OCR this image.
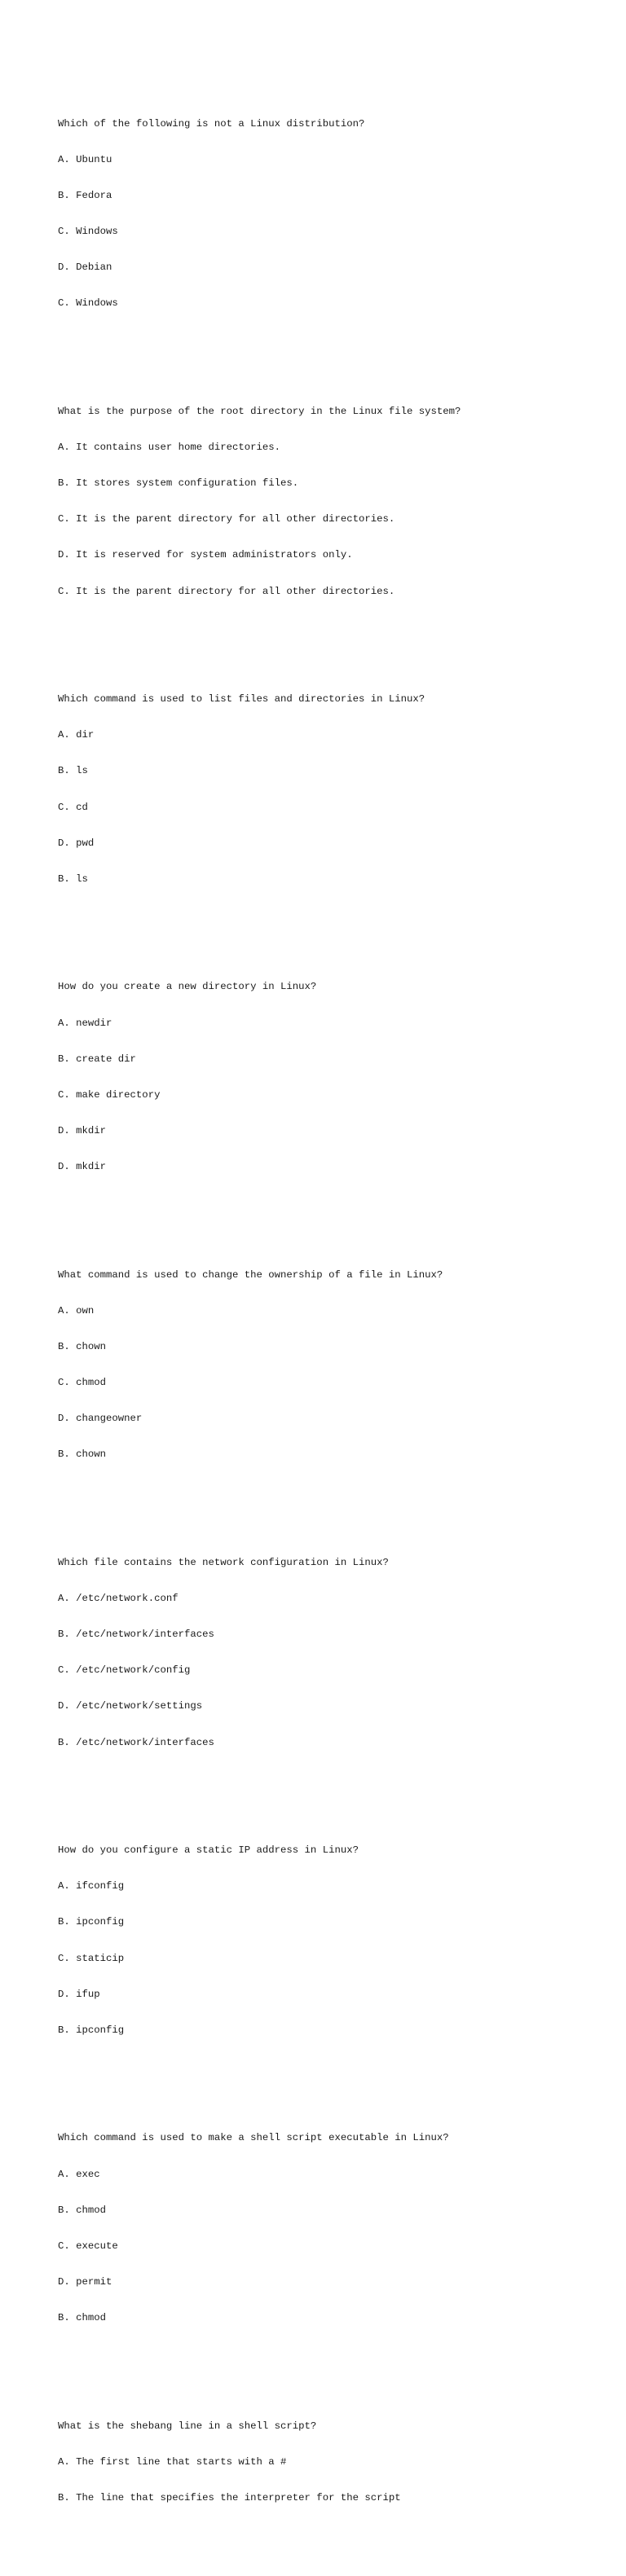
Which of the following is not a Linux distribution?

A. Ubuntu

B. Fedora

C. Windows

D. Debian

C. Windows

What is the purpose of the root directory in the Linux file system?

A. It contains user home directories.

B. It stores system configuration files.

C. It is the parent directory for all other directories.

D. It is reserved for system administrators only.

C. It is the parent directory for all other directories.

Which command is used to list files and directories in Linux?

A. dir

B. ls

C. cd

D. pwd

B. ls

How do you create a new directory in Linux?

A. newdir

B. create dir

C. make directory

D. mkdir

D. mkdir

What command is used to change the ownership of a file in Linux?

A. own

B. chown

C. chmod

D. changeowner

B. chown

Which file contains the network configuration in Linux?

A. /etc/network.conf

B. /etc/network/interfaces

C. /etc/network/config

D. /etc/network/settings

B. /etc/network/interfaces

How do you configure a static IP address in Linux?

A. ifconfig

B. ipconfig

C. staticip

D. ifup

B. ipconfig

Which command is used to make a shell script executable in Linux?

A. exec

B. chmod

C. execute

D. permit

B. chmod

What is the shebang line in a shell script?

A. The first line that starts with a #

B. The line that specifies the interpreter for the script
